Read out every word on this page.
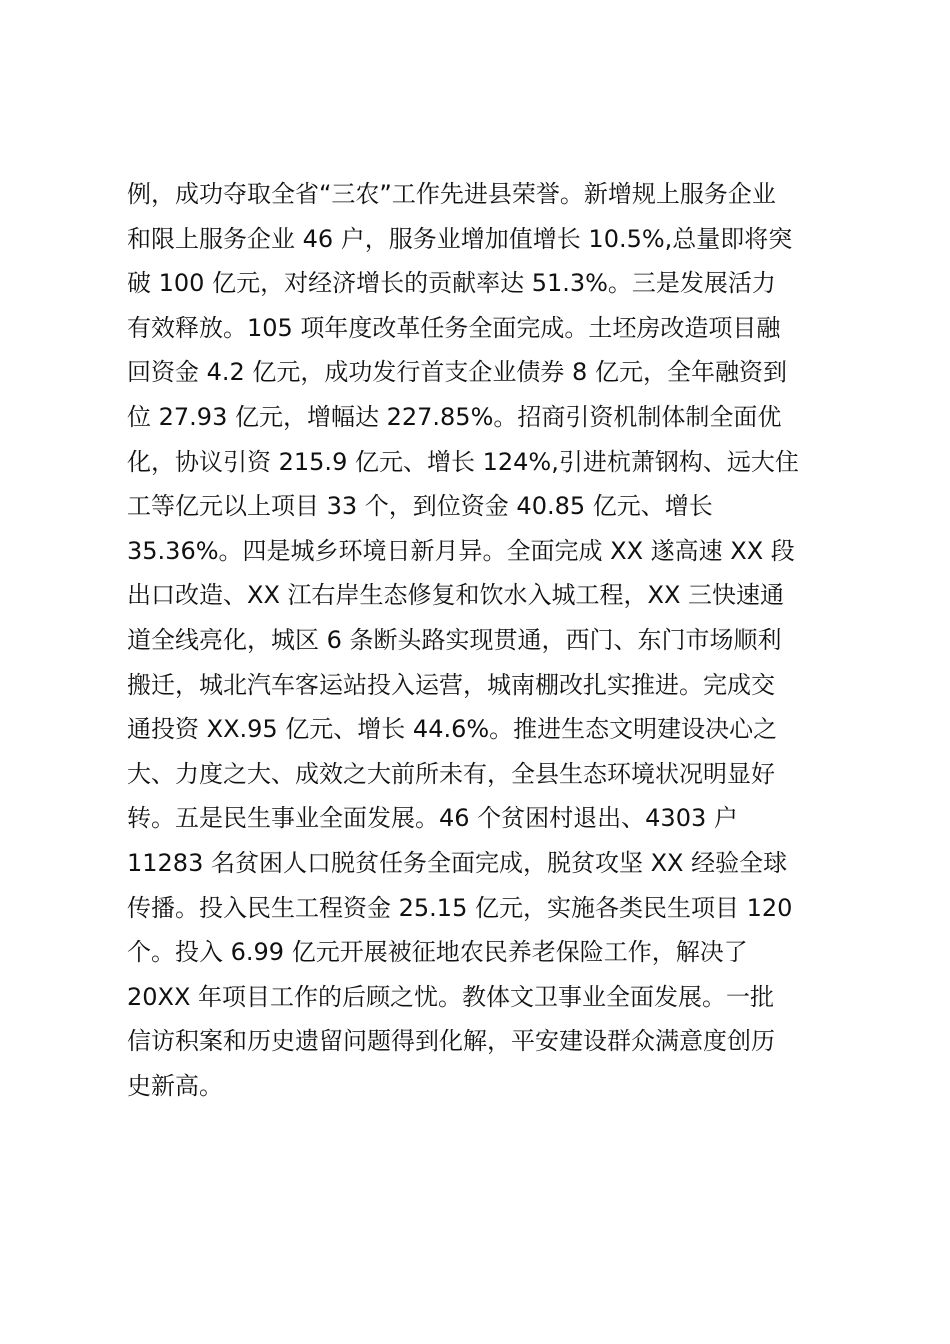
例，成功夺取全省“三农”工作先进县荣誉。新增规上服务企业
和限上服务企业 46 户，服务业增加值增长 10.5%,总量即将突
破 100 亿元，对经济增长的贡献率达 51.3%。三是发展活力
有效释放。105 项年度改革任务全面完成。土坯房改造项目融
回资金 4.2 亿元，成功发行首支企业债券 8 亿元，全年融资到
位 27.93 亿元，增幅达 227.85%。招商引资机制体制全面优
化，协议引资 215.9 亿元、增长 124%,引进杭萧钢构、远大住
工等亿元以上项目 33 个，到位资金 40.85 亿元、增长
35.36%。四是城乡环境日新月异。全面完成 XX 遂高速 XX 段
出口改造、XX 江右岸生态修复和饮水入城工程，XX 三快速通
道全线亮化，城区 6 条断头路实现贯通，西门、东门市场顺利
搬迁，城北汽车客运站投入运营，城南棚改扎实推进。完成交
通投资 XX.95 亿元、增长 44.6%。推进生态文明建设决心之
大、力度之大、成效之大前所未有，全县生态环境状况明显好
转。五是民生事业全面发展。46 个贫困村退出、4303 户
11283 名贫困人口脱贫任务全面完成，脱贫攻坚 XX 经验全球
传播。投入民生工程资金 25.15 亿元，实施各类民生项目 120
个。投入 6.99 亿元开展被征地农民养老保险工作，解决了
20XX 年项目工作的后顾之忧。教体文卫事业全面发展。一批
信访积案和历史遗留问题得到化解，平安建设群众满意度创历
史新高。
